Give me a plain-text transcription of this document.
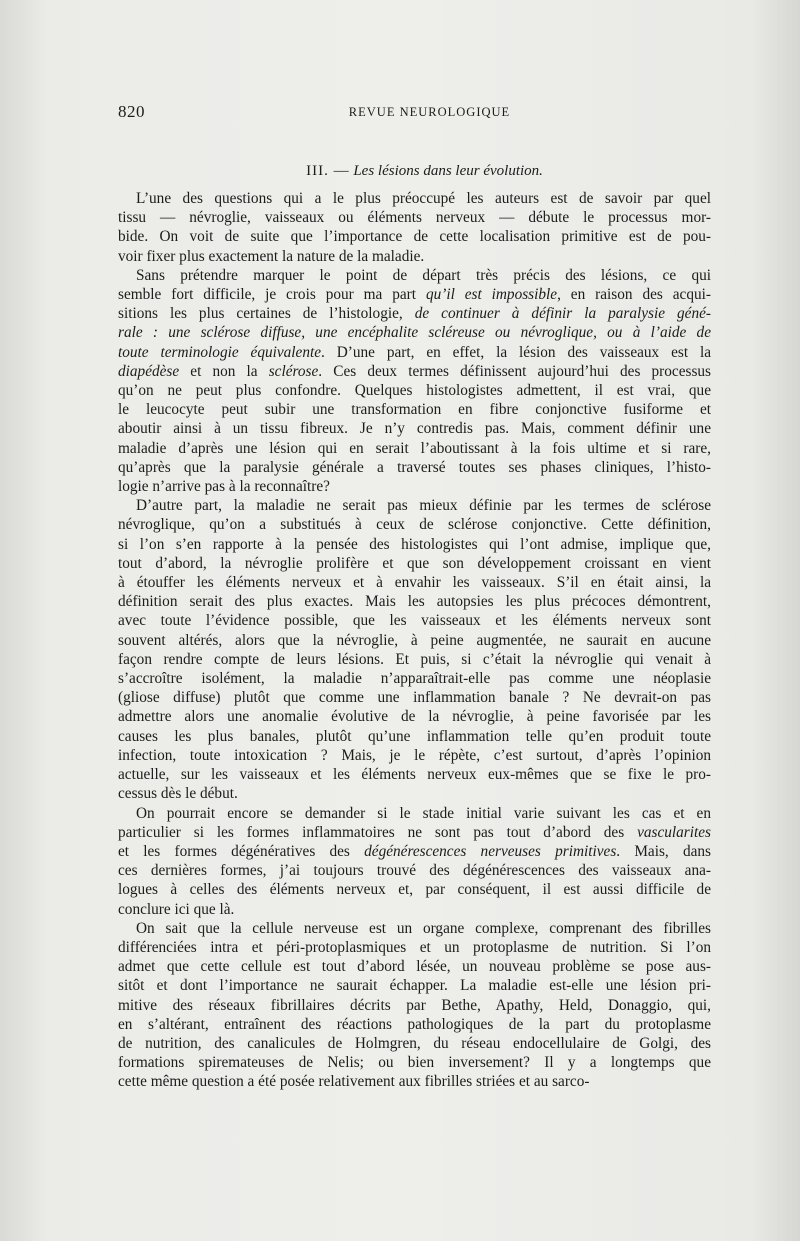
820	REVUE NEUROLOGIQUE
III. — Les lésions dans leur évolution.

L’une des questions qui a le plus préoccupé les auteurs est de savoir par quel
tissu — névroglie, vaisseaux ou éléments nerveux — débute le processus mor-
bide. On voit de suite que l’importance de cette localisation primitive est de pou-
voir fixer plus exactement la nature de la maladie.

Sans prétendre marquer le point de départ très précis des lésions, ce qui
semble fort difficile, je crois pour ma part qu’il est impossible, en raison des acqui-
sitions les plus certaines de l’histologie, de continuer à définir la paralysie géné-
rale : une sclérose diffuse, une encéphalite scléreuse ou névroglique, ou à l’aide de
toute terminologie équivalente. D’une part, en effet, la lésion des vaisseaux est la
diapédèse et non la sclérose. Ces deux termes définissent aujourd’hui des processus
qu’on ne peut plus confondre. Quelques histologistes admettent, il est vrai, que
le leucocyte peut subir une transformation en fibre conjonctive fusiforme et
aboutir ainsi à un tissu fibreux. Je n’y contredis pas. Mais, comment définir une
maladie d’après une lésion qui en serait l’aboutissant à la fois ultime et si rare,
qu’après que la paralysie générale a traversé toutes ses phases cliniques, l’histo-
logie n’arrive pas à la reconnaître?

D’autre part, la maladie ne serait pas mieux définie par les termes de sclérose
névroglique, qu’on a substitués à ceux de sclérose conjonctive. Cette définition,
si l’on s’en rapporte à la pensée des histologistes qui l’ont admise, implique que,
tout d’abord, la névroglie prolifère et que son développement croissant en vient
à étouffer les éléments nerveux et à envahir les vaisseaux. S’il en était ainsi, la
définition serait des plus exactes. Mais les autopsies les plus précoces démontrent,
avec toute l’évidence possible, que les vaisseaux et les éléments nerveux sont
souvent altérés, alors que la névroglie, à peine augmentée, ne saurait en aucune
façon rendre compte de leurs lésions. Et puis, si c’était la névroglie qui venait à
s’accroître isolément, la maladie n’apparaîtrait-elle pas comme une néoplasie
(gliose diffuse) plutôt que comme une inflammation banale ? Ne devrait-on pas
admettre alors une anomalie évolutive de la névroglie, à peine favorisée par les
causes les plus banales, plutôt qu’une inflammation telle qu’en produit toute
infection, toute intoxication ? Mais, je le répète, c’est surtout, d’après l’opinion
actuelle, sur les vaisseaux et les éléments nerveux eux-mêmes que se fixe le pro-
cessus dès le début.

On pourrait encore se demander si le stade initial varie suivant les cas et en
particulier si les formes inflammatoires ne sont pas tout d’abord des vascularites
et les formes dégénératives des dégénérescences nerveuses primitives. Mais, dans
ces dernières formes, j’ai toujours trouvé des dégénérescences des vaisseaux ana-
logues à celles des éléments nerveux et, par conséquent, il est aussi difficile de
conclure ici que là.

On sait que la cellule nerveuse est un organe complexe, comprenant des fibrilles
différenciées intra et péri-protoplasmiques et un protoplasme de nutrition. Si l’on
admet que cette cellule est tout d’abord lésée, un nouveau problème se pose aus-
sitôt et dont l’importance ne saurait échapper. La maladie est-elle une lésion pri-
mitive des réseaux fibrillaires décrits par Bethe, Apathy, Held, Donaggio, qui,
en s’altérant, entraînent des réactions pathologiques de la part du protoplasme
de nutrition, des canalicules de Holmgren, du réseau endocellulaire de Golgi, des
formations spiremateuses de Nelis; ou bien inversement? Il y a longtemps que
cette même question a été posée relativement aux fibrilles striées et au sarco-
